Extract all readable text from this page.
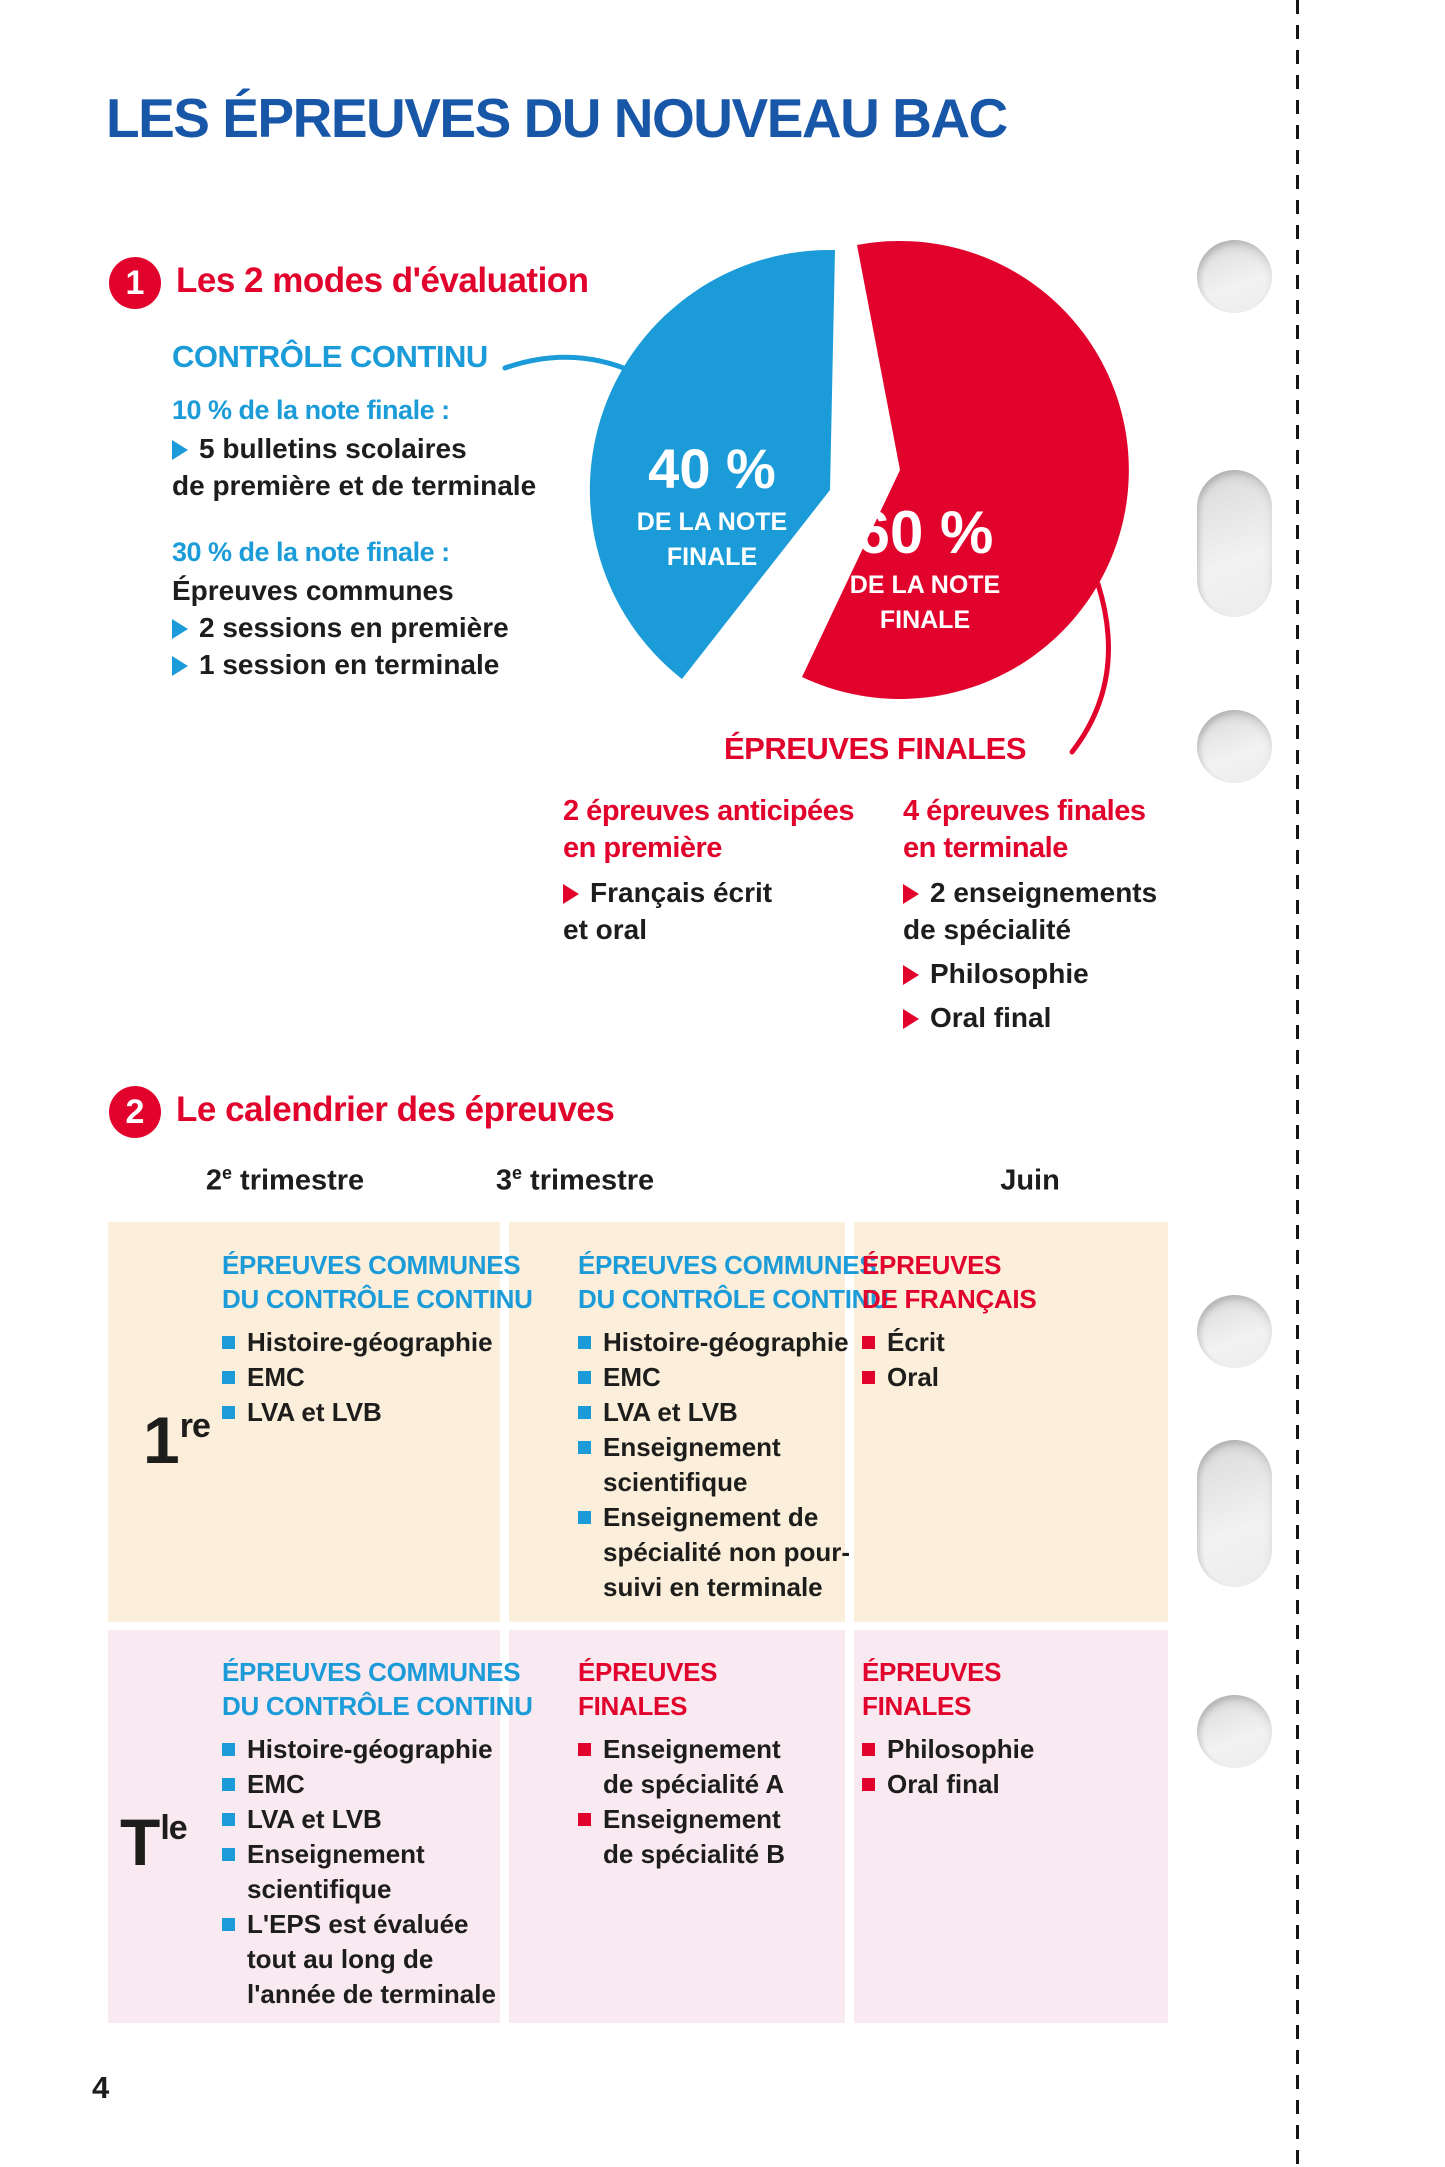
LES ÉPREUVES DU NOUVEAU BAC
1 Les 2 modes d'évaluation
CONTRÔLE CONTINU
10 % de la note finale :
5 bulletins scolaires
de première et de terminale
30 % de la note finale :
Épreuves communes
2 sessions en première
1 session en terminale
40 %
DE LA NOTE
FINALE 60 %
DE LA NOTE
FINALE
ÉPREUVES FINALES
2 épreuves anticipées
en première
Français écrit
et oral
4 épreuves finales
en terminale
2 enseignements
de spécialité
Philosophie
Oral final
2 Le calendrier des épreuves
2e trimestre	3e trimestre	Juin
1re
$T^{le}$
ÉPREUVES COMMUNES
DU CONTRÔLE CONTINU
Histoire-géographie
EMC
LVA et LVB
ÉPREUVES COMMUNES
DU CONTRÔLE CONTINU
Histoire-géographie
EMC
LVA et LVB
Enseignement
scientifique
Enseignement de
spécialité non pour-
suivi en terminale
ÉPREUVES
DE FRANÇAIS
Écrit
Oral
ÉPREUVES COMMUNES
DU CONTRÔLE CONTINU
Histoire-géographie
EMC
LVA et LVB
Enseignement
scientifique
L'EPS est évaluée
tout au long de
l'année de terminale
ÉPREUVES
FINALES
Enseignement
de spécialité A
Enseignement
de spécialité B
ÉPREUVES
FINALES
Philosophie
Oral final
4
